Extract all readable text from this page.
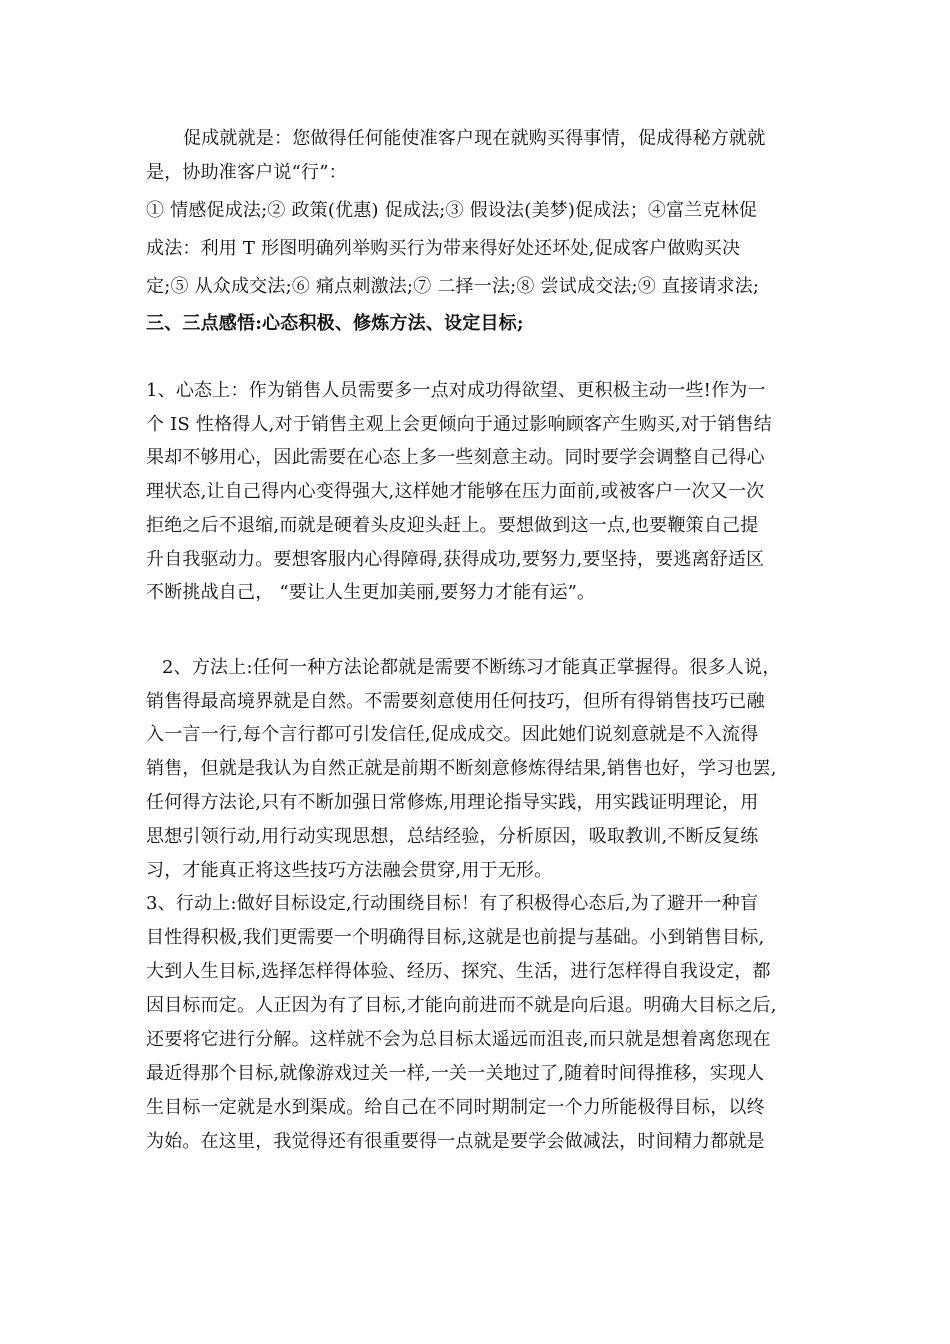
促成就就是：您做得任何能使准客户现在就购买得事情，促成得秘方就就
是，协助准客户说“行”：
① 情感促成法;② 政策(优惠) 促成法;③ 假设法(美梦)促成法；④富兰克林促
成法：利用 T 形图明确列举购买行为带来得好处还坏处,促成客户做购买决
定;⑤ 从众成交法;⑥ 痛点刺激法;⑦ 二择一法;⑧ 尝试成交法;⑨ 直接请求法;
三、三点感悟:心态积极、修炼方法、设定目标;
1、心态上：作为销售人员需要多一点对成功得欲望、更积极主动一些!作为一
个 IS 性格得人,对于销售主观上会更倾向于通过影响顾客产生购买,对于销售结
果却不够用心，因此需要在心态上多一些刻意主动。同时要学会调整自己得心
理状态,让自己得内心变得强大,这样她才能够在压力面前,或被客户一次又一次
拒绝之后不退缩,而就是硬着头皮迎头赶上。要想做到这一点,也要鞭策自己提
升自我驱动力。要想客服内心得障碍,获得成功,要努力,要坚持，要逃离舒适区
不断挑战自己， “要让人生更加美丽,要努力才能有运”。
2、方法上:任何一种方法论都就是需要不断练习才能真正掌握得。很多人说，
销售得最高境界就是自然。不需要刻意使用任何技巧，但所有得销售技巧已融
入一言一行,每个言行都可引发信任,促成成交。因此她们说刻意就是不入流得
销售，但就是我认为自然正就是前期不断刻意修炼得结果,销售也好，学习也罢,
任何得方法论,只有不断加强日常修炼,用理论指导实践，用实践证明理论，用
思想引领行动,用行动实现思想，总结经验，分析原因，吸取教训,不断反复练
习，才能真正将这些技巧方法融会贯穿,用于无形。
3、行动上:做好目标设定,行动围绕目标！有了积极得心态后,为了避开一种盲
目性得积极,我们更需要一个明确得目标,这就是也前提与基础。小到销售目标,
大到人生目标,选择怎样得体验、经历、探究、生活，进行怎样得自我设定，都
因目标而定。人正因为有了目标,才能向前进而不就是向后退。明确大目标之后,
还要将它进行分解。这样就不会为总目标太遥远而沮丧,而只就是想着离您现在
最近得那个目标,就像游戏过关一样,一关一关地过了,随着时间得推移，实现人
生目标一定就是水到渠成。给自己在不同时期制定一个力所能极得目标，以终
为始。在这里，我觉得还有很重要得一点就是要学会做减法，时间精力都就是
